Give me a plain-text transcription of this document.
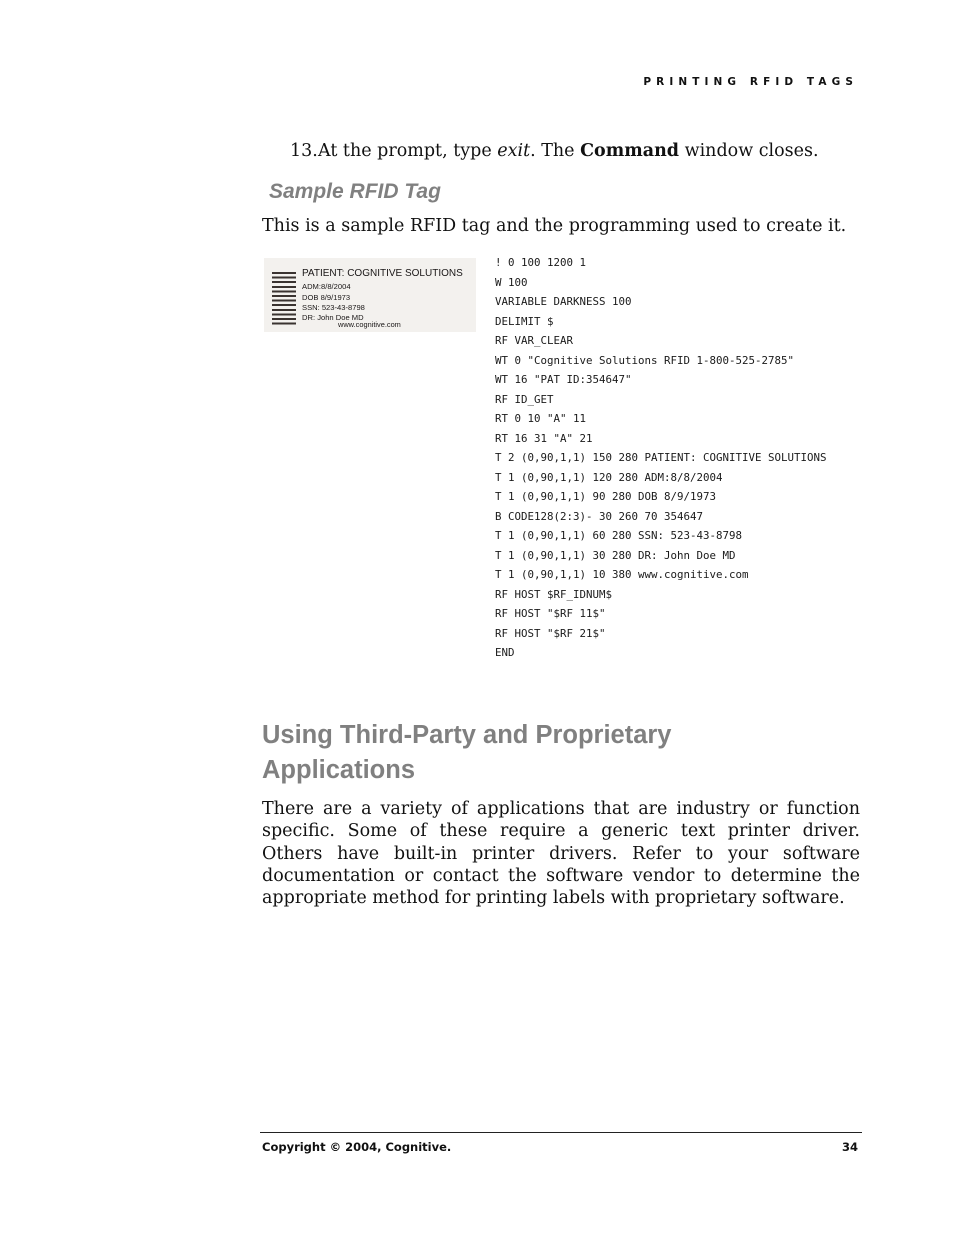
PRINTING RFID TAGS
13.At the prompt, type exit. The Command window closes.
Sample RFID Tag
This is a sample RFID tag and the programming used to create it.
PATIENT: COGNITIVE SOLUTIONS
ADM:8/8/2004
DOB 8/9/1973
SSN: 523-43-8798
DR: John Doe MD
www.cognitive.com
! 0 100 1200 1
W 100
VARIABLE DARKNESS 100
DELIMIT $
RF VAR_CLEAR
WT 0 "Cognitive Solutions RFID 1-800-525-2785"
WT 16 "PAT ID:354647"
RF ID_GET
RT 0 10 "A" 11
RT 16 31 "A" 21
T 2 (0,90,1,1) 150 280 PATIENT: COGNITIVE SOLUTIONS
T 1 (0,90,1,1) 120 280 ADM:8/8/2004
T 1 (0,90,1,1) 90 280 DOB 8/9/1973
B CODE128(2:3)- 30 260 70 354647
T 1 (0,90,1,1) 60 280 SSN: 523-43-8798
T 1 (0,90,1,1) 30 280 DR: John Doe MD
T 1 (0,90,1,1) 10 380 www.cognitive.com
RF HOST $RF_IDNUM$
RF HOST "$RF 11$"
RF HOST "$RF 21$"
END
Using Third-Party and Proprietary Applications

There are a variety of applications that are industry or function specific. Some of these require a generic text printer driver. Others have built-in printer drivers. Refer to your software documentation or contact the software vendor to determine the appropriate method for printing labels with proprietary software.

Copyright © 2004, Cognitive.	34
